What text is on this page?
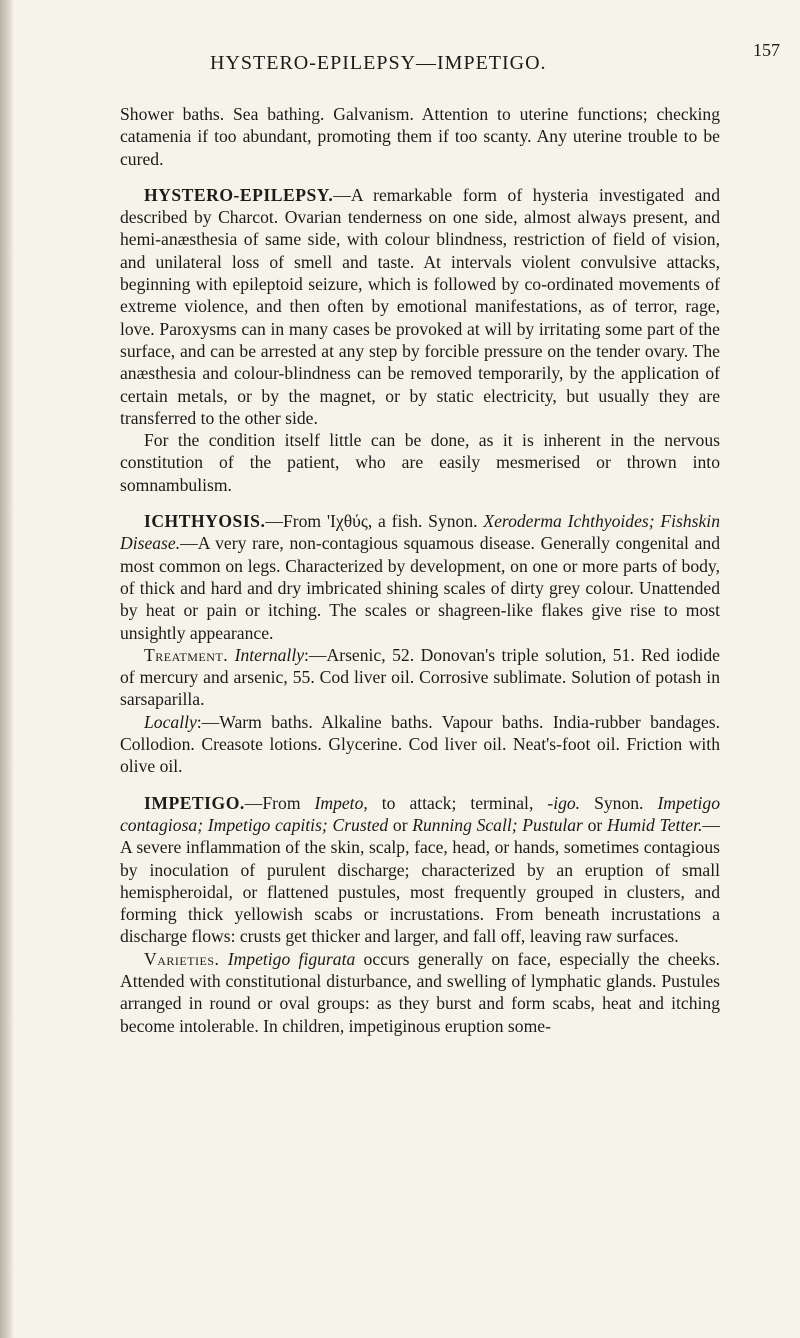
HYSTERO-EPILEPSY—IMPETIGO.
157

Shower baths. Sea bathing. Galvanism. Attention to uterine functions; checking catamenia if too abundant, promoting them if too scanty. Any uterine trouble to be cured.

HYSTERO-EPILEPSY.—A remarkable form of hysteria investigated and described by Charcot. Ovarian tenderness on one side, almost always present, and hemi-anæsthesia of same side, with colour blindness, restriction of field of vision, and unilateral loss of smell and taste. At intervals violent convulsive attacks, beginning with epileptoid seizure, which is followed by co-ordinated movements of extreme violence, and then often by emotional manifestations, as of terror, rage, love. Paroxysms can in many cases be provoked at will by irritating some part of the surface, and can be arrested at any step by forcible pressure on the tender ovary. The anæsthesia and colour-blindness can be removed temporarily, by the application of certain metals, or by the magnet, or by static electricity, but usually they are transferred to the other side.

For the condition itself little can be done, as it is inherent in the nervous constitution of the patient, who are easily mesmerised or thrown into somnambulism.

ICHTHYOSIS.—From 'Ιχθύς, a fish. Synon. Xeroderma Ichthyoides; Fishskin Disease.—A very rare, non-contagious squamous disease. Generally congenital and most common on legs. Characterized by development, on one or more parts of body, of thick and hard and dry imbricated shining scales of dirty grey colour. Unattended by heat or pain or itching. The scales or shagreen-like flakes give rise to most unsightly appearance.

Treatment. Internally:—Arsenic, 52. Donovan's triple solution, 51. Red iodide of mercury and arsenic, 55. Cod liver oil. Corrosive sublimate. Solution of potash in sarsaparilla.

Locally:—Warm baths. Alkaline baths. Vapour baths. India-rubber bandages. Collodion. Creasote lotions. Glycerine. Cod liver oil. Neat's-foot oil. Friction with olive oil.

IMPETIGO.—From Impeto, to attack; terminal, -igo. Synon. Impetigo contagiosa; Impetigo capitis; Crusted or Running Scall; Pustular or Humid Tetter.—A severe inflammation of the skin, scalp, face, head, or hands, sometimes contagious by inoculation of purulent discharge; characterized by an eruption of small hemispheroidal, or flattened pustules, most frequently grouped in clusters, and forming thick yellowish scabs or incrustations. From beneath incrustations a discharge flows: crusts get thicker and larger, and fall off, leaving raw surfaces.

Varieties. Impetigo figurata occurs generally on face, especially the cheeks. Attended with constitutional disturbance, and swelling of lymphatic glands. Pustules arranged in round or oval groups: as they burst and form scabs, heat and itching become intolerable. In children, impetiginous eruption some-
